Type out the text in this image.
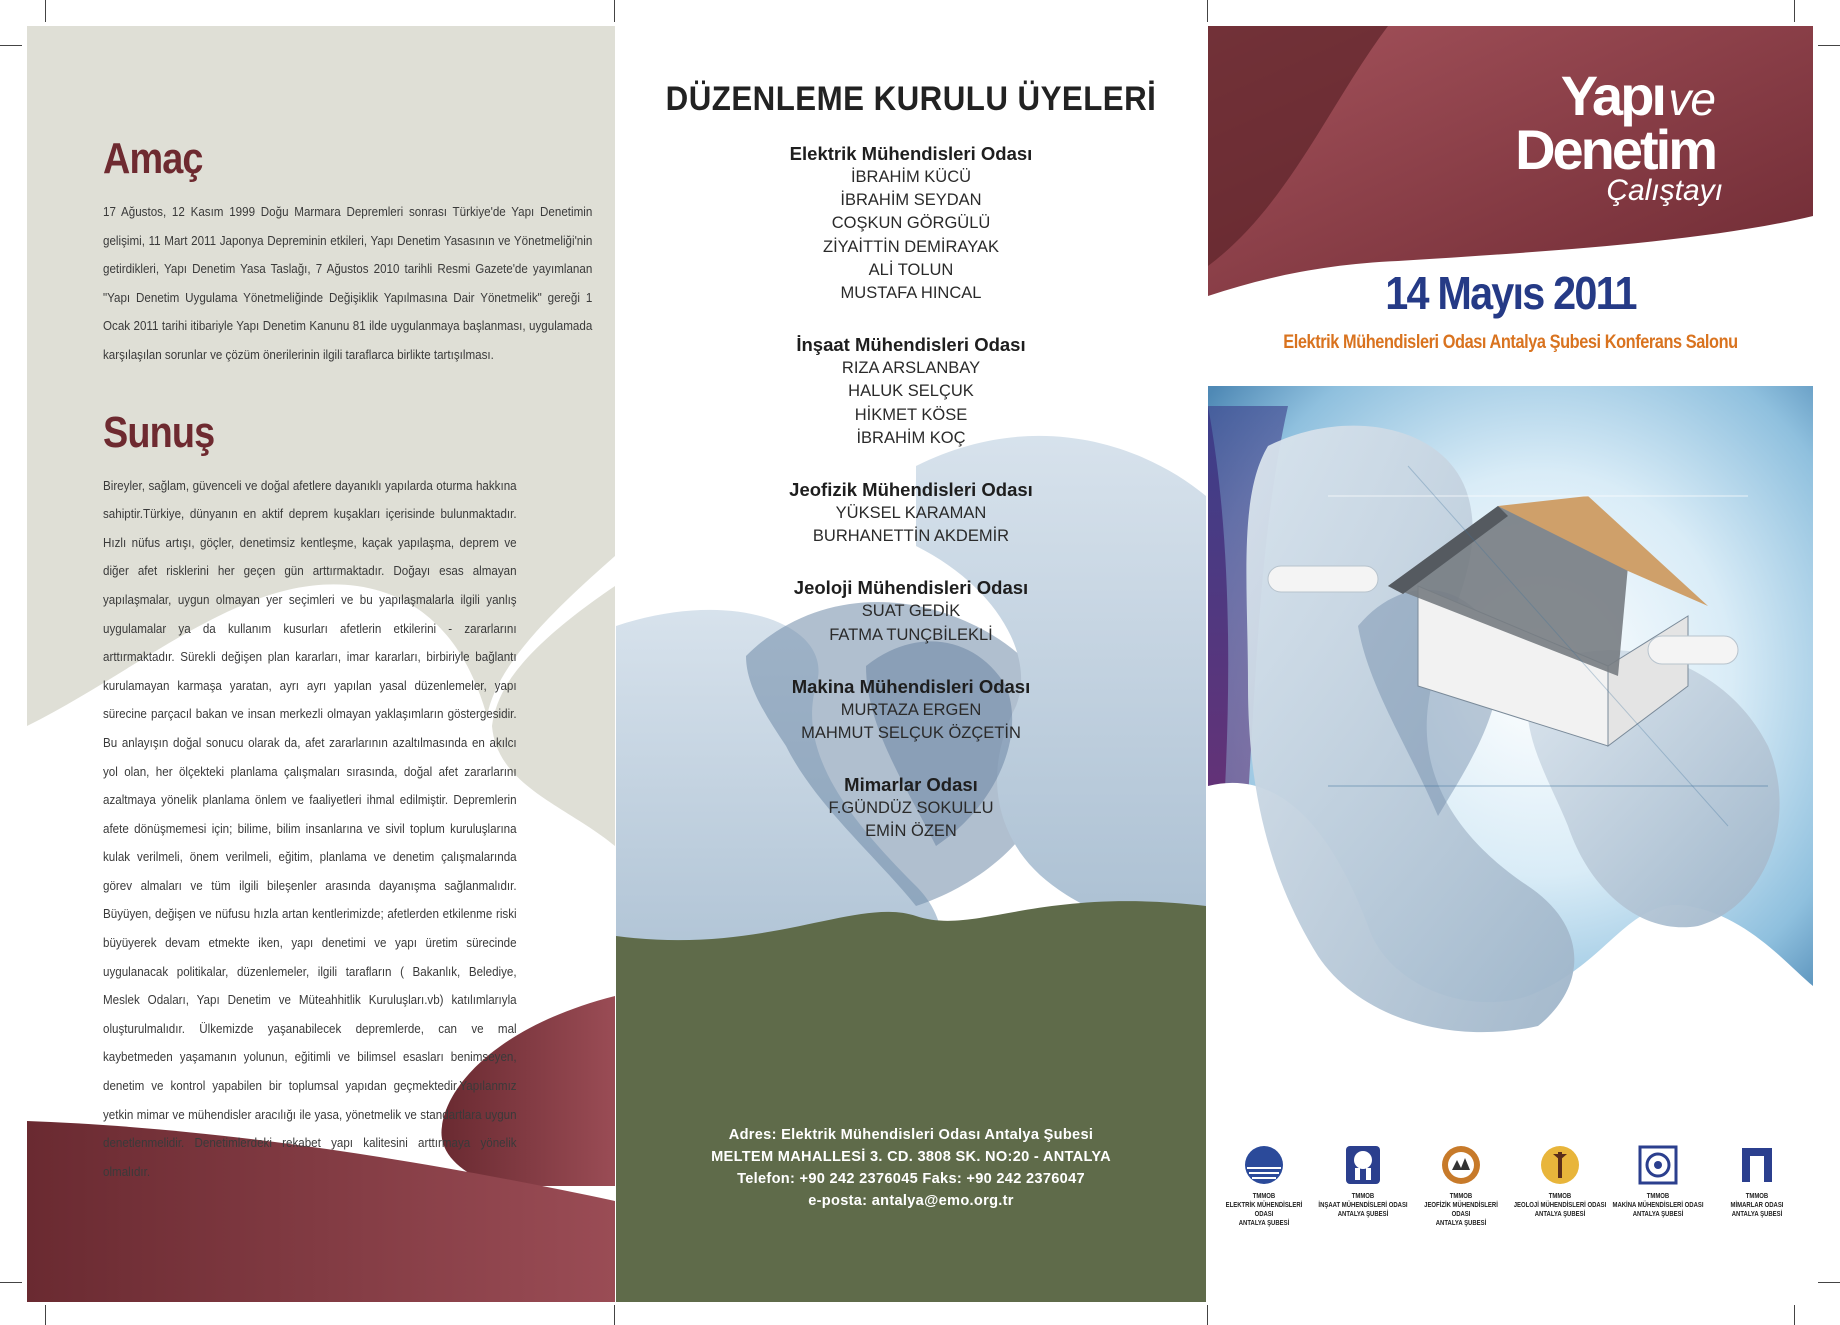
Amaç

17 Ağustos, 12 Kasım 1999 Doğu Marmara Depremleri sonrası Türkiye'de Yapı Denetimin gelişimi, 11 Mart 2011 Japonya Depreminin etkileri, Yapı Denetim Yasasının ve Yönetmeliği'nin getirdikleri, Yapı Denetim Yasa Taslağı, 7 Ağustos 2010 tarihli Resmi Gazete'de yayımlanan "Yapı Denetim Uygulama Yönetmeliğinde Değişiklik Yapılmasına Dair Yönetmelik" gereği 1 Ocak 2011 tarihi itibariyle Yapı Denetim Kanunu 81 ilde uygulanmaya başlanması, uygulamada karşılaşılan sorunlar ve çözüm önerilerinin ilgili taraflarca birlikte tartışılması.

Sunuş

Bireyler, sağlam, güvenceli ve doğal afetlere dayanıklı yapılarda oturma hakkına sahiptir.Türkiye, dünyanın en aktif deprem kuşakları içerisinde bulunmaktadır. Hızlı nüfus artışı, göçler, denetimsiz kentleşme, kaçak yapılaşma, deprem ve diğer afet risklerini her geçen gün arttırmaktadır. Doğayı esas almayan yapılaşmalar, uygun olmayan yer seçimleri ve bu yapılaşmalarla ilgili yanlış uygulamalar ya da kullanım kusurları afetlerin etkilerini - zararlarını arttırmaktadır. Sürekli değişen plan kararları, imar kararları, birbiriyle bağlantı kurulamayan karmaşa yaratan, ayrı ayrı yapılan yasal düzenlemeler, yapı sürecine parçacıl bakan ve insan merkezli olmayan yaklaşımların göstergesidir. Bu anlayışın doğal sonucu olarak da, afet zararlarının azaltılmasında en akılcı yol olan, her ölçekteki planlama çalışmaları sırasında, doğal afet zararlarını azaltmaya yönelik planlama önlem ve faaliyetleri ihmal edilmiştir. Depremlerin afete dönüşmemesi için; bilime, bilim insanlarına ve sivil toplum kuruluşlarına kulak verilmeli, önem verilmeli, eğitim, planlama ve denetim çalışmalarında görev almaları ve tüm ilgili bileşenler arasında dayanışma sağlanmalıdır. Büyüyen, değişen ve nüfusu hızla artan kentlerimizde; afetlerden etkilenme riski büyüyerek devam etmekte iken, yapı denetimi ve yapı üretim sürecinde uygulanacak politikalar, düzenlemeler, ilgili tarafların ( Bakanlık, Belediye, Meslek Odaları, Yapı Denetim ve Müteahhitlik Kuruluşları.vb) katılımlarıyla oluşturulmalıdır. Ülkemizde yaşanabilecek depremlerde, can ve mal kaybetmeden yaşamanın yolunun, eğitimli ve bilimsel esasları benimseyen, denetim ve kontrol yapabilen bir toplumsal yapıdan geçmektedir.Yapılanmız yetkin mimar ve mühendisler aracılığı ile yasa, yönetmelik ve standartlara uygun denetlenmelidir. Denetimlerdeki rekabet yapı kalitesini arttırmaya yönelik olmalıdır.

DÜZENLEME KURULU ÜYELERİ
Elektrik Mühendisleri Odası
İBRAHİM KÜCÜ
İBRAHİM SEYDAN
COŞKUN GÖRGÜLÜ
ZİYAİTTİN DEMİRAYAK
ALİ TOLUN
MUSTAFA HINCAL
İnşaat Mühendisleri Odası
RIZA ARSLANBAY
HALUK SELÇUK
HİKMET KÖSE
İBRAHİM KOÇ
Jeofizik Mühendisleri Odası
YÜKSEL KARAMAN
BURHANETTİN AKDEMİR
Jeoloji Mühendisleri Odası
SUAT GEDİK
FATMA TUNÇBİLEKLİ
Makina Mühendisleri Odası
MURTAZA ERGEN
MAHMUT SELÇUK ÖZÇETİN
Mimarlar Odası
F.GÜNDÜZ SOKULLU
EMİN ÖZEN
Adres: Elektrik Mühendisleri Odası Antalya Şubesi
MELTEM MAHALLESİ 3. CD. 3808 SK. NO:20 - ANTALYA
Telefon: +90 242 2376045 Faks: +90 242 2376047
e-posta: antalya@emo.org.tr
Yapı ve
Denetim
Çalıştayı
14 Mayıs 2011
Elektrik Mühendisleri Odası Antalya Şubesi Konferans Salonu
TMMOB
ELEKTRİK MÜHENDİSLERİ ODASI
ANTALYA ŞUBESİ
TMMOB
İNŞAAT MÜHENDİSLERİ ODASI
ANTALYA ŞUBESİ
TMMOB
JEOFİZİK MÜHENDİSLERİ ODASI
ANTALYA ŞUBESİ
TMMOB
JEOLOJİ MÜHENDİSLERİ ODASI
ANTALYA ŞUBESİ
TMMOB
MAKİNA MÜHENDİSLERİ ODASI
ANTALYA ŞUBESİ
TMMOB
MİMARLAR ODASI
ANTALYA ŞUBESİ
